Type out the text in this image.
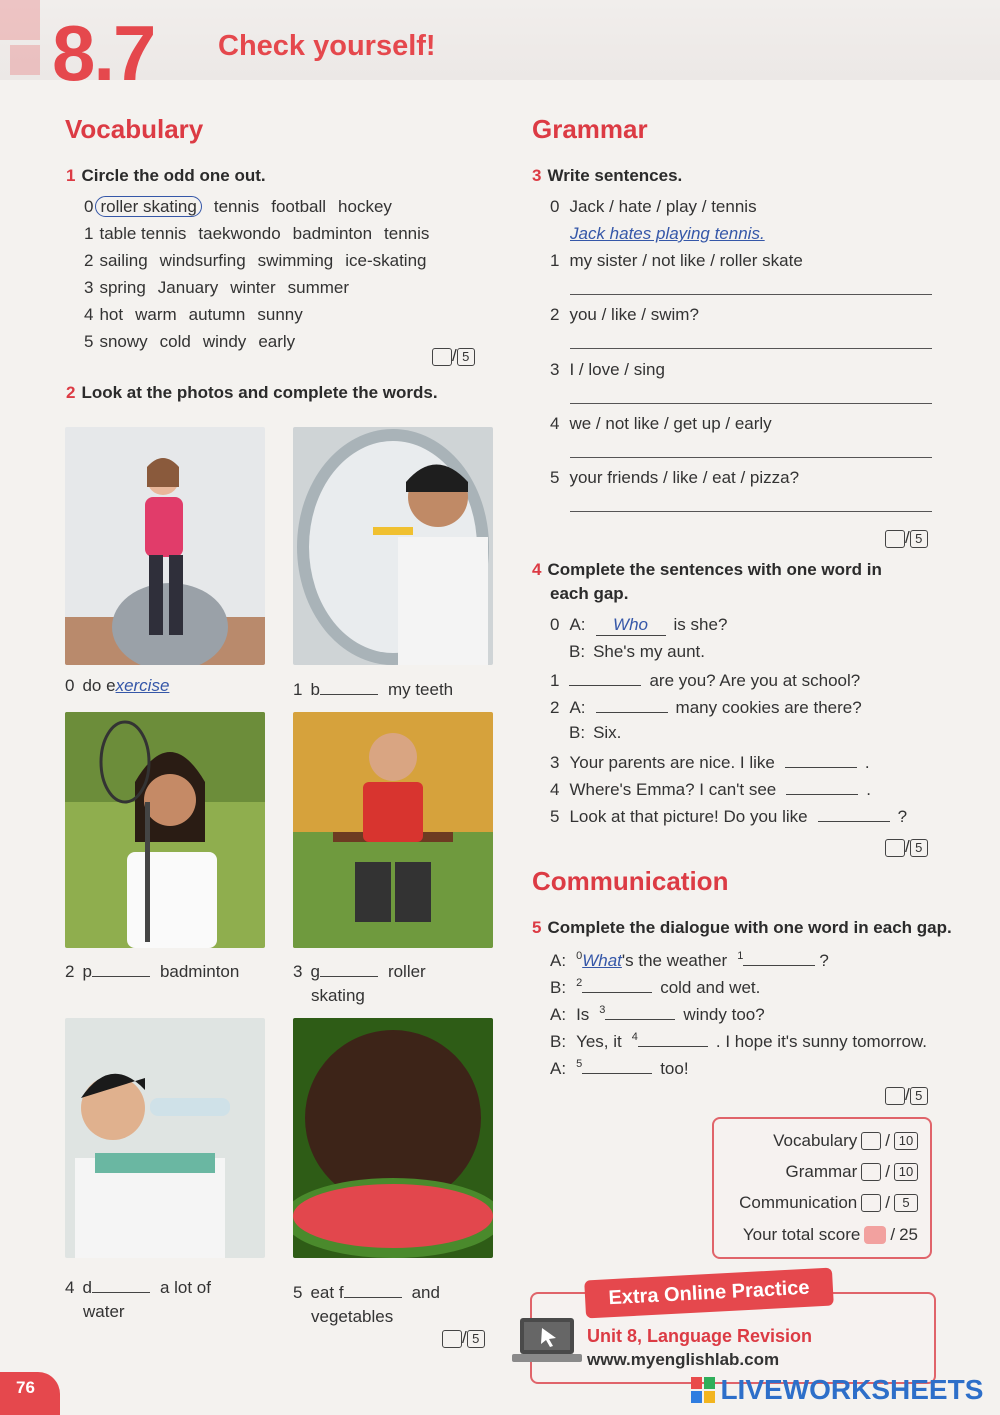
8.7 Check yourself!
Vocabulary
1 Circle the odd one out.
0 roller skating tennis football hockey
1 table tennis taekwondo badminton tennis
2 sailing windsurfing swimming ice-skating
3 spring January winter summer
4 hot warm autumn sunny
5 snowy cold windy early
/ 5
2 Look at the photos and complete the words.
0 do exercise	1 b	my teeth
2 p	badminton	3 g	roller
skating
4 d	a lot of
water
5 eat f	and
vegetables
/ 5
Grammar
3 Write sentences.
0 Jack / hate / play / tennis
Jack hates playing tennis.
1 my sister / not like / roller skate
2 you / like / swim?
3 I / love / sing
4 we / not like / get up / early
5 your friends / like / eat / pizza?
/ 5
4 Complete the sentences with one word in
each gap.
0 A: Who is she?
B: She's my aunt.
1	are you? Are you at school?
2 A:	many cookies are there?
B: Six.
3 Your parents are nice. I like	.
4 Where's Emma? I can't see	.
5 Look at that picture! Do you like	?
/ 5
Communication
5 Complete the dialogue with one word in each gap.
A: $^0$What's the weather $^1$	?
B: $^2$	cold and wet.
A: Is $^3$	windy too?
B: Yes, it $^4$	. I hope it's sunny tomorrow.
A: $^5$	too!
/ 5
Vocabulary / 10
Grammar / 10
Communication / 5
Your total score / 25
Unit 8, Language Revision
www.myenglishlab.com
Extra Online Practice
76	LIVEWORKSHEETS
